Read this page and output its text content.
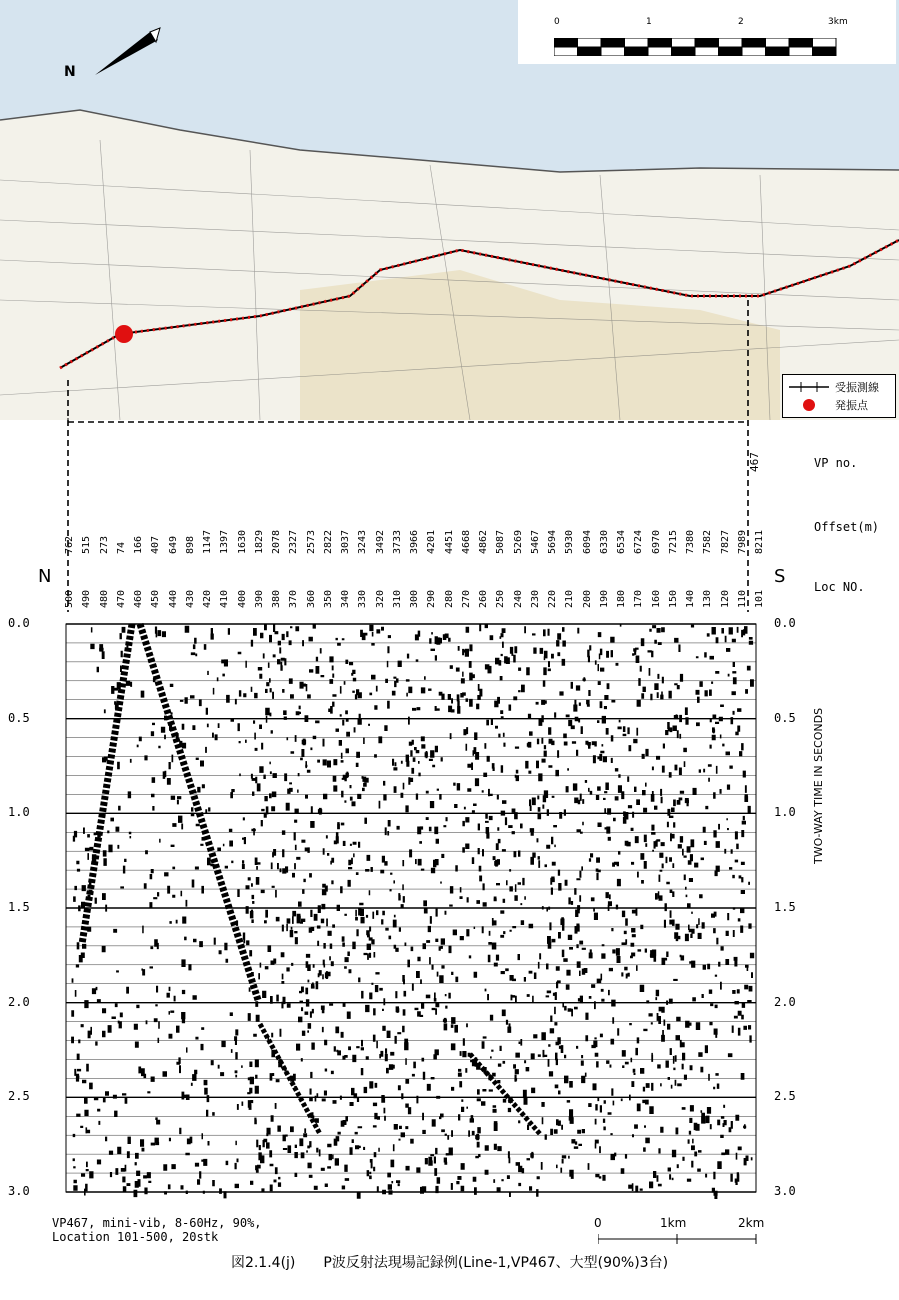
N
0	1	2	3km
受振測線
発振点
VP no.
Offset(m)
Loc NO.
467
N	S
762 515 273 74 166 407 649 898 1147 1397 1630 1829 2078 2327 2573 2822 3037 3243 3492 3733 3966 4201 4451 4668 4862 5087 5269 5467 5694 5930 6094 6330 6534 6724 6970 7215 7380 7582 7827 7989 8211
500 490 480 470 460 450 440 430 420 410 400 390 380 370 360 350 340 330 320 310 300 290 280 270 260 250 240 230 220 210 200 190 180 170 160 150 140 130 120 110 101
0.0
0.5
1.0
1.5
2.0
2.5
3.0
0.0
0.5
1.0
1.5
2.0
2.5
3.0
TWO-WAY TIME IN SECONDS
VP467, mini-vib, 8-60Hz, 90%,
Location 101-500, 20stk
0	1km	2km
図2.1.4(j)　　P波反射法現場記録例(Line-1,VP467、大型(90%)3台)
